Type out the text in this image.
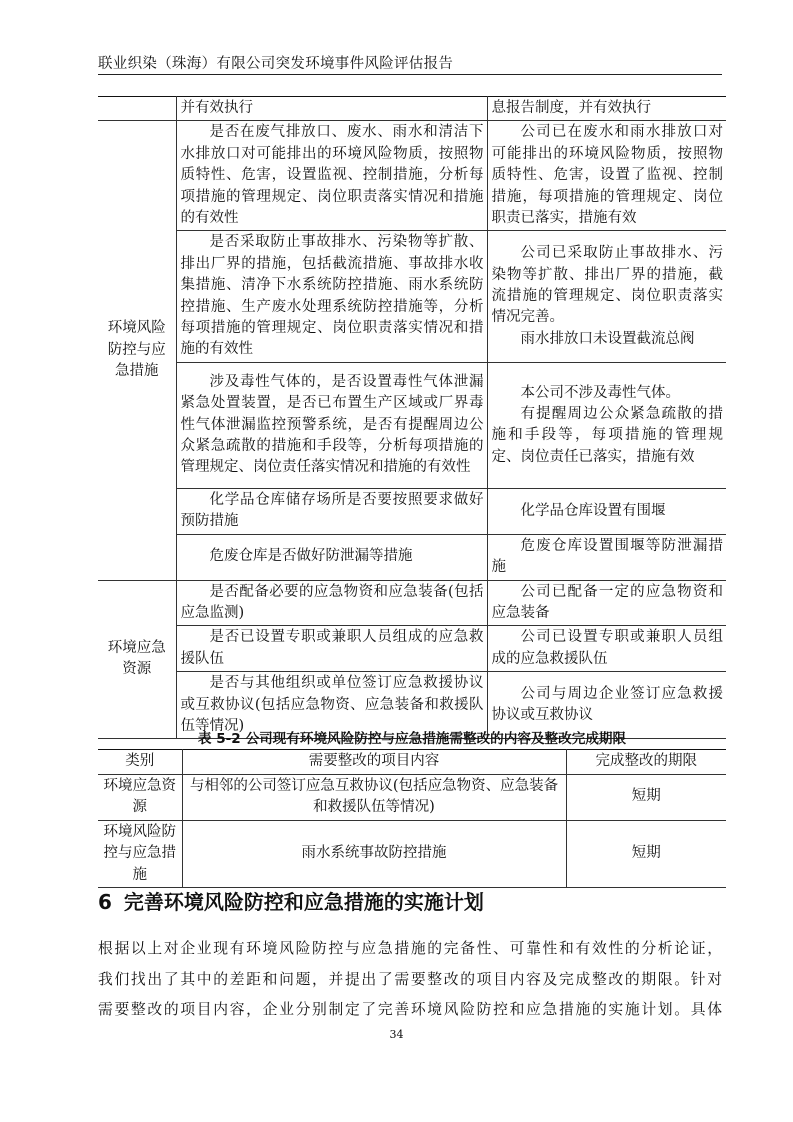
联业织染（珠海）有限公司突发环境事件风险评估报告

	并有效执行	息报告制度，并有效执行

环境风险防控与应急措施	是否在废气排放口、废水、雨水和清洁下水排放口对可能排出的环境风险物质，按照物质特性、危害，设置监视、控制措施，分析每项措施的管理规定、岗位职责落实情况和措施的有效性	公司已在废水和雨水排放口对可能排出的环境风险物质，按照物质特性、危害，设置了监视、控制措施，每项措施的管理规定、岗位职责已落实，措施有效

	是否采取防止事故排水、污染物等扩散、排出厂界的措施，包括截流措施、事故排水收集措施、清净下水系统防控措施、雨水系统防控措施、生产废水处理系统防控措施等，分析每项措施的管理规定、岗位职责落实情况和措施的有效性	公司已采取防止事故排水、污染物等扩散、排出厂界的措施，截流措施的管理规定、岗位职责落实情况完善。
雨水排放口未设置截流总阀

	涉及毒性气体的，是否设置毒性气体泄漏紧急处置装置，是否已布置生产区域或厂界毒性气体泄漏监控预警系统，是否有提醒周边公众紧急疏散的措施和手段等，分析每项措施的管理规定、岗位责任落实情况和措施的有效性	本公司不涉及毒性气体。
有提醒周边公众紧急疏散的措施和手段等，每项措施的管理规定、岗位责任已落实，措施有效

	化学品仓库储存场所是否要按照要求做好预防措施	化学品仓库设置有围堰

	危废仓库是否做好防泄漏等措施	危废仓库设置围堰等防泄漏措施

环境应急资源	是否配备必要的应急物资和应急装备(包括应急监测)	公司已配备一定的应急物资和应急装备

	是否已设置专职或兼职人员组成的应急救援队伍	公司已设置专职或兼职人员组成的应急救援队伍

	是否与其他组织或单位签订应急救援协议或互救协议(包括应急物资、应急装备和救援队伍等情况)	公司与周边企业签订应急救援协议或互救协议
表 5-2 公司现有环境风险防控与应急措施需整改的内容及整改完成期限
类别	需要整改的项目内容	完成整改的期限
环境应急资源	与相邻的公司签订应急互救协议(包括应急物资、应急装备和救援队伍等情况)	短期
环境风险防控与应急措施	雨水系统事故防控措施	短期
6 完善环境风险防控和应急措施的实施计划
根据以上对企业现有环境风险防控与应急措施的完备性、可靠性和有效性的分析论证，
我们找出了其中的差距和问题，并提出了需要整改的项目内容及完成整改的期限。针对
需要整改的项目内容，企业分别制定了完善环境风险防控和应急措施的实施计划。具体
34
